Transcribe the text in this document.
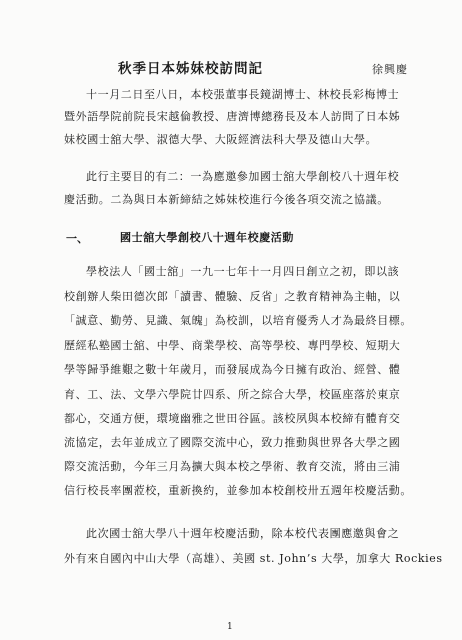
秋季日本姊妹校訪問記	徐興慶
十一月二日至八日，本校張董事長鏡湖博士、林校長彩梅博士
暨外語學院前院長宋越倫教授、唐濟博總務長及本人訪問了日本姊
妹校國士舘大學、淑德大學、大阪經濟法科大學及德山大學。
此行主要目的有二：一為應邀參加國士舘大學創校八十週年校
慶活動。二為與日本新締結之姊妹校進行今後各項交流之協議。
一、	國士舘大學創校八十週年校慶活動
學校法人「國士舘」一九一七年十一月四日創立之初，即以該
校創辦人柴田德次郎「讀書、體驗、反省」之教育精神為主軸，以
「誠意、勤勞、見識、氣魄」為校訓，以培育優秀人才為最終目標。
歷經私塾國士舘、中學、商業學校、高等學校、專門學校、短期大
學等歸爭維艱之數十年歲月，而發展成為今日擁有政治、經營、體
育、工、法、文學六學院廿四系、所之綜合大學，校區座落於東京
都心，交通方便，環境幽雅之世田谷區。該校夙與本校締有體育交
流協定，去年並成立了國際交流中心，致力推動與世界各大學之國
際交流活動，今年三月為擴大與本校之學術、教育交流，將由三浦
信行校長率團蒞校，重新換約，並參加本校創校卅五週年校慶活動。
此次國士舘大學八十週年校慶活動，除本校代表團應邀與會之
外有來自國內中山大學（高雄）、美國 st. John’s 大學，加拿大 Rockies
1
